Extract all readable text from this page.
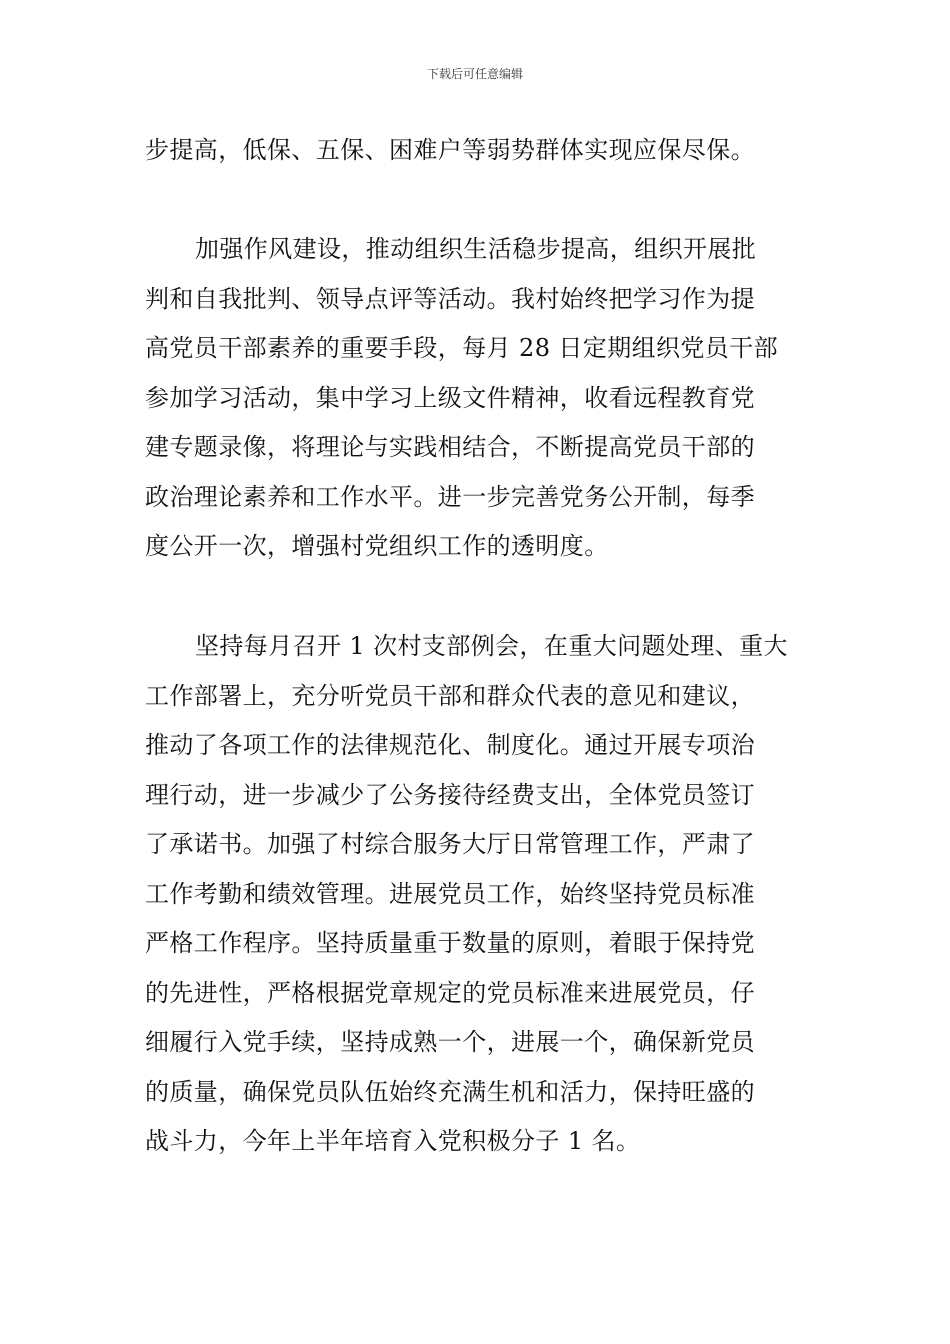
下载后可任意编辑
步提高，低保、五保、困难户等弱势群体实现应保尽保。
加强作风建设，推动组织生活稳步提高，组织开展批
判和自我批判、领导点评等活动。我村始终把学习作为提
高党员干部素养的重要手段，每月 28 日定期组织党员干部
参加学习活动，集中学习上级文件精神，收看远程教育党
建专题录像，将理论与实践相结合，不断提高党员干部的
政治理论素养和工作水平。进一步完善党务公开制，每季
度公开一次，增强村党组织工作的透明度。
坚持每月召开 1 次村支部例会，在重大问题处理、重大
工作部署上，充分听党员干部和群众代表的意见和建议，
推动了各项工作的法律规范化、制度化。通过开展专项治
理行动，进一步减少了公务接待经费支出，全体党员签订
了承诺书。加强了村综合服务大厅日常管理工作，严肃了
工作考勤和绩效管理。进展党员工作，始终坚持党员标准
严格工作程序。坚持质量重于数量的原则，着眼于保持党
的先进性，严格根据党章规定的党员标准来进展党员，仔
细履行入党手续，坚持成熟一个，进展一个，确保新党员
的质量，确保党员队伍始终充满生机和活力，保持旺盛的
战斗力，今年上半年培育入党积极分子 1 名。
